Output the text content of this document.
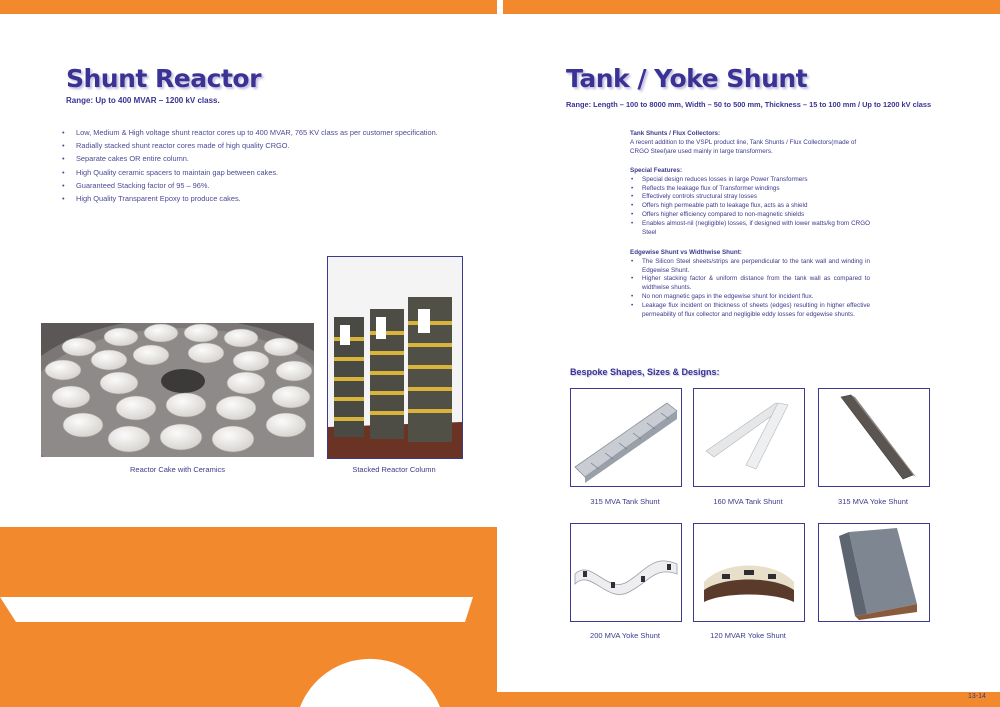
Shunt Reactor
Range: Up to 400 MVAR – 1200 kV class.
• Low, Medium & High voltage shunt reactor cores up to 400 MVAR, 765 KV class as per customer specification.
• Radially stacked shunt reactor cores made of high quality CRGO.
• Separate cakes OR entire column.
• High Quality ceramic spacers to maintain gap between cakes.
• Guaranteed Stacking factor of 95 – 96%.
• High Quality Transparent Epoxy to produce cakes.
Reactor Cake with Ceramics	Stacked Reactor Column
Vardhman - The Most Rolled Name In CRGO Products
Tank / Yoke Shunt
Range: Length – 100 to 8000 mm, Width – 50 to 500 mm, Thickness – 15 to 100 mm / Up to 1200 kV class
Tank Shunts / Flux Collectors:
A recent addition to the VSPL product line, Tank Shunts / Flux Collectors(made of CRGO Steel)are used mainly in large transformers.
Special Features:
• Special design reduces losses in large Power Transformers
• Reflects the leakage flux of Transformer windings
• Effectively controls structural stray losses
• Offers high permeable path to leakage flux, acts as a shield
• Offers higher efficiency compared to non-magnetic shields
• Enables almost-nil (negligible) losses, if designed with lower watts/kg from CRGO Steel
Edgewise Shunt vs Widthwise Shunt:
• The Silicon Steel sheets/strips are perpendicular to the tank wall and winding in Edgewise Shunt.
• Higher stacking factor & uniform distance from the tank wall as compared to widthwise shunts.
• No non magnetic gaps in the edgewise shunt for incident flux.
• Leakage flux incident on thickness of sheets (edges) resulting in higher effective permeability of flux collector and negligible eddy losses for edgewise shunts.
Bespoke Shapes, Sizes & Designs:
315 MVA Tank Shunt	160 MVA Tank Shunt	315 MVA Yoke Shunt
200 MVA Yoke Shunt	120 MVAR Yoke Shunt
13-14
